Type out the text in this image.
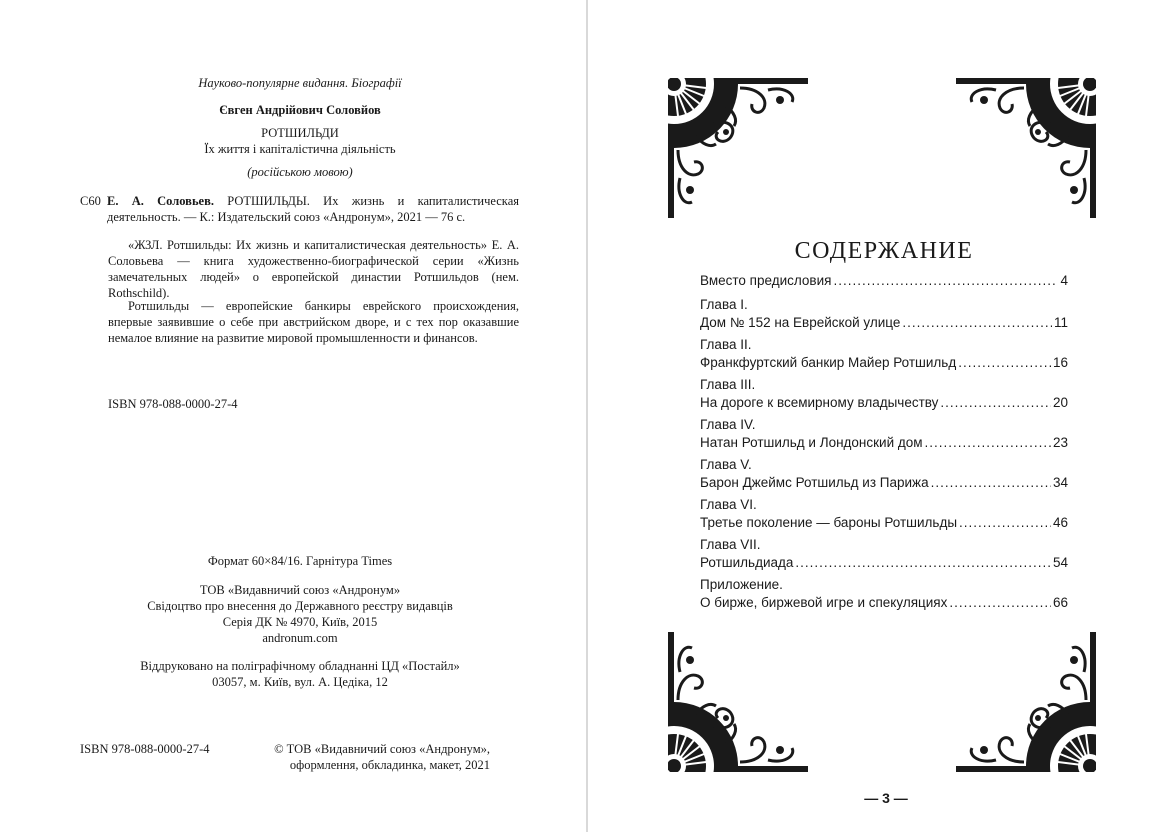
Науково-популярне видання. Біографії
Євген Андрійович Соловйов
РОТШИЛЬДИ
Їх життя і капіталістична діяльність
(російською мовою)
С60 Е. А. Соловьев. РОТШИЛЬДЫ. Их жизнь и капиталистическая деятельность. — К.: Издательский союз «Андронум», 2021 — 76 с.
«ЖЗЛ. Ротшильды: Их жизнь и капиталистическая деятельность» Е. А. Соловьева — книга художественно-биографической серии «Жизнь замечательных людей» о европейской династии Ротшильдов (нем. Rothschild).
Ротшильды — европейские банкиры еврейского происхождения, впервые заявившие о себе при австрийском дворе, и с тех пор оказавшие немалое влияние на развитие мировой промышленности и финансов.
ISBN 978-088-0000-27-4
Формат 60×84/16. Гарнітура Times
ТОВ «Видавничий союз «Андронум»
Свідоцтво про внесення до Державного реєстру видавців
Серія ДК № 4970, Київ, 2015
andronum.com
Віддруковано на поліграфічному обладнанні ЦД «Постайл»
03057, м. Київ, вул. А. Цедіка, 12
ISBN 978-088-0000-27-4	© ТОВ «Видавничий союз «Андронум»,
оформлення, обкладинка, макет, 2021
СОДЕРЖАНИЕ
Вместо предисловия .....	4
Глава I.
Дом № 152 на Еврейской улице .....	11
Глава II.
Франкфуртский банкир Майер Ротшильд .....	16
Глава III.
На дороге к всемирному владычеству .....	20
Глава IV.
Натан Ротшильд и Лондонский дом .....	23
Глава V.
Барон Джеймс Ротшильд из Парижа .....	34
Глава VI.
Третье поколение — бароны Ротшильды .....	46
Глава VII.
Ротшильдиада .....	54
Приложение.
О бирже, биржевой игре и спекуляциях .....	66
— 3 —
